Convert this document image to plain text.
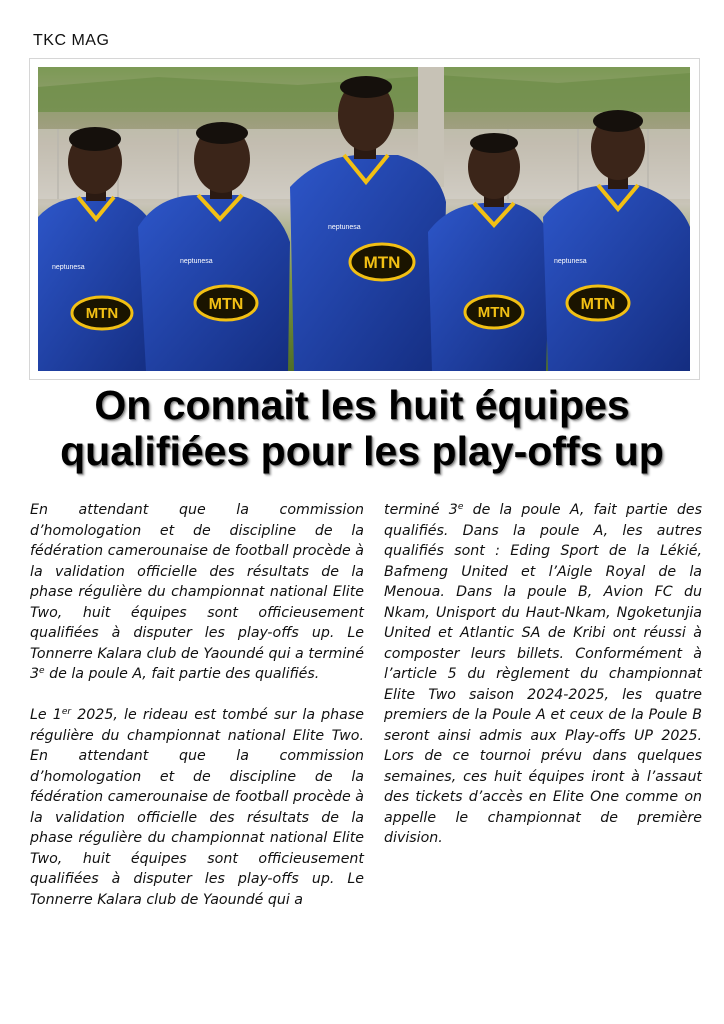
TKC MAG
MTN
neptunesa
MTN
neptunesa	MTN
neptunesa
MTN	MTN
neptunesa
On connait les huit équipes
qualifiées pour les play-offs up

En attendant que la commission d’homologation et de discipline de la fédération camerounaise de football procède à la validation officielle des résultats de la phase régulière du championnat national Elite Two, huit équipes sont officieusement qualifiées à disputer les play-offs up. Le Tonnerre Kalara club de Yaoundé qui a terminé 3e de la poule A, fait partie des qualifiés.

Le 1er 2025, le rideau est tombé sur la phase régulière du championnat national Elite Two. En attendant que la commission d’homologation et de discipline de la fédération camerounaise de football procède à la validation officielle des résultats de la phase régulière du championnat national Elite Two, huit équipes sont officieusement qualifiées à disputer les play-offs up. Le Tonnerre Kalara club de Yaoundé qui a

terminé 3e de la poule A, fait partie des qualifiés. Dans la poule A, les autres qualifiés sont : Eding Sport de la Lékié, Bafmeng United et l’Aigle Royal de la Menoua. Dans la poule B, Avion FC du Nkam, Unisport du Haut-Nkam, Ngoketunjia United et Atlantic SA de Kribi ont réussi à composter leurs billets. Conformément à l’article 5 du règlement du championnat Elite Two saison 2024-2025, les quatre premiers de la Poule A et ceux de la Poule B seront ainsi admis aux Play-offs UP 2025. Lors de ce tournoi prévu dans quelques semaines, ces huit équipes iront à l’assaut des tickets d’accès en Elite One comme on appelle le championnat de première division.
